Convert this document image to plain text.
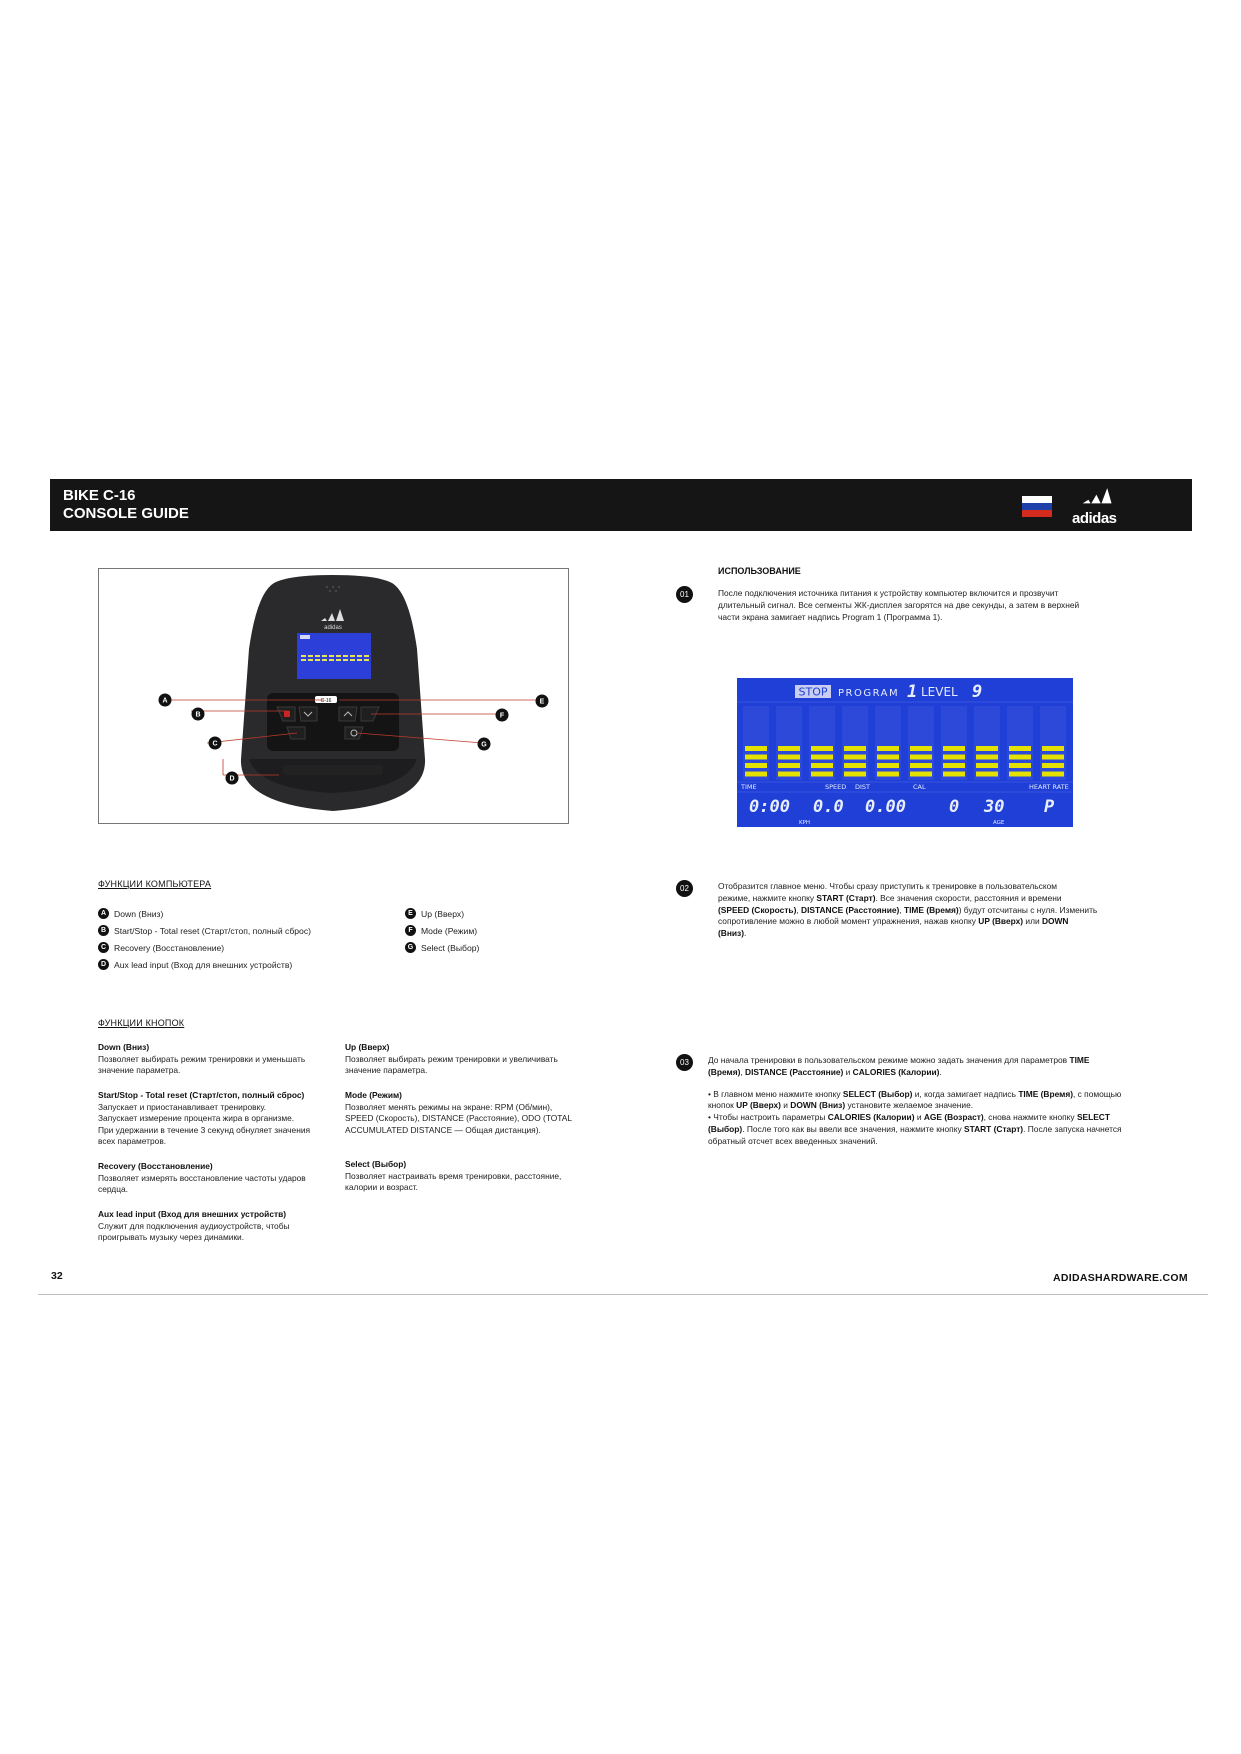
BIKE C-16
CONSOLE GUIDE	adidas
adidas
C-16
A
B
C
D
E
F
G
ФУНКЦИИ КОМПЬЮТЕРА
A Down (Вниз)
B Start/Stop - Total reset (Старт/стоп, полный сброс)
C Recovery (Восстановление)
D Aux lead input (Вход для внешних устройств)
E Up (Вверх)
F Mode (Режим)
G Select (Выбор)
ФУНКЦИИ КНОПОК
Down (Вниз)
Позволяет выбирать режим тренировки и уменьшать
значение параметра.
Start/Stop - Total reset (Старт/стоп, полный сброс)
Запускает и приостанавливает тренировку.
Запускает измерение процента жира в организме.
При удержании в течение 3 секунд обнуляет значения
всех параметров.
Recovery (Восстановление)
Позволяет измерять восстановление частоты ударов
сердца.
Aux lead input (Вход для внешних устройств)
Служит для подключения аудиоустройств, чтобы
проигрывать музыку через динамики.
Up (Вверх)
Позволяет выбирать режим тренировки и увеличивать
значение параметра.
Mode (Режим)
Позволяет менять режимы на экране: RPM (Об/мин),
SPEED (Скорость), DISTANCE (Расстояние), ODO (TOTAL
ACCUMULATED DISTANCE — Общая дистанция).
Select (Выбор)
Позволяет настраивать время тренировки, расстояние,
калории и возраст.
ИСПОЛЬЗОВАНИЕ
01	После подключения источника питания к устройству компьютер включится и прозвучит
длительный сигнал. Все сегменты ЖК-дисплея загорятся на две секунды, а затем в верхней
части экрана замигает надпись Program 1 (Программа 1).
STOP PROGRAM 1 LEVEL 9
TIME	SPEED DIST	CAL	HEART RATE
0:00 0.0 0.00	0 30 P
KPH	AGE
02	Отобразится главное меню. Чтобы сразу приступить к тренировке в пользовательском
режиме, нажмите кнопку START (Старт). Все значения скорости, расстояния и времени
(SPEED (Скорость), DISTANCE (Расстояние), TIME (Время)) будут отсчитаны с нуля. Изменить
сопротивление можно в любой момент упражнения, нажав кнопку UP (Вверх) или DOWN
(Вниз).
03	До начала тренировки в пользовательском режиме можно задать значения для параметров TIME
(Время), DISTANCE (Расстояние) и CALORIES (Калории).
• В главном меню нажмите кнопку SELECT (Выбор) и, когда замигает надпись TIME (Время), с помощью
кнопок UP (Вверх) и DOWN (Вниз) установите желаемое значение.
• Чтобы настроить параметры CALORIES (Калории) и AGE (Возраст), снова нажмите кнопку SELECT
(Выбор). После того как вы ввели все значения, нажмите кнопку START (Старт). После запуска начнется
обратный отсчет всех введенных значений.
32	ADIDASHARDWARE.COM
